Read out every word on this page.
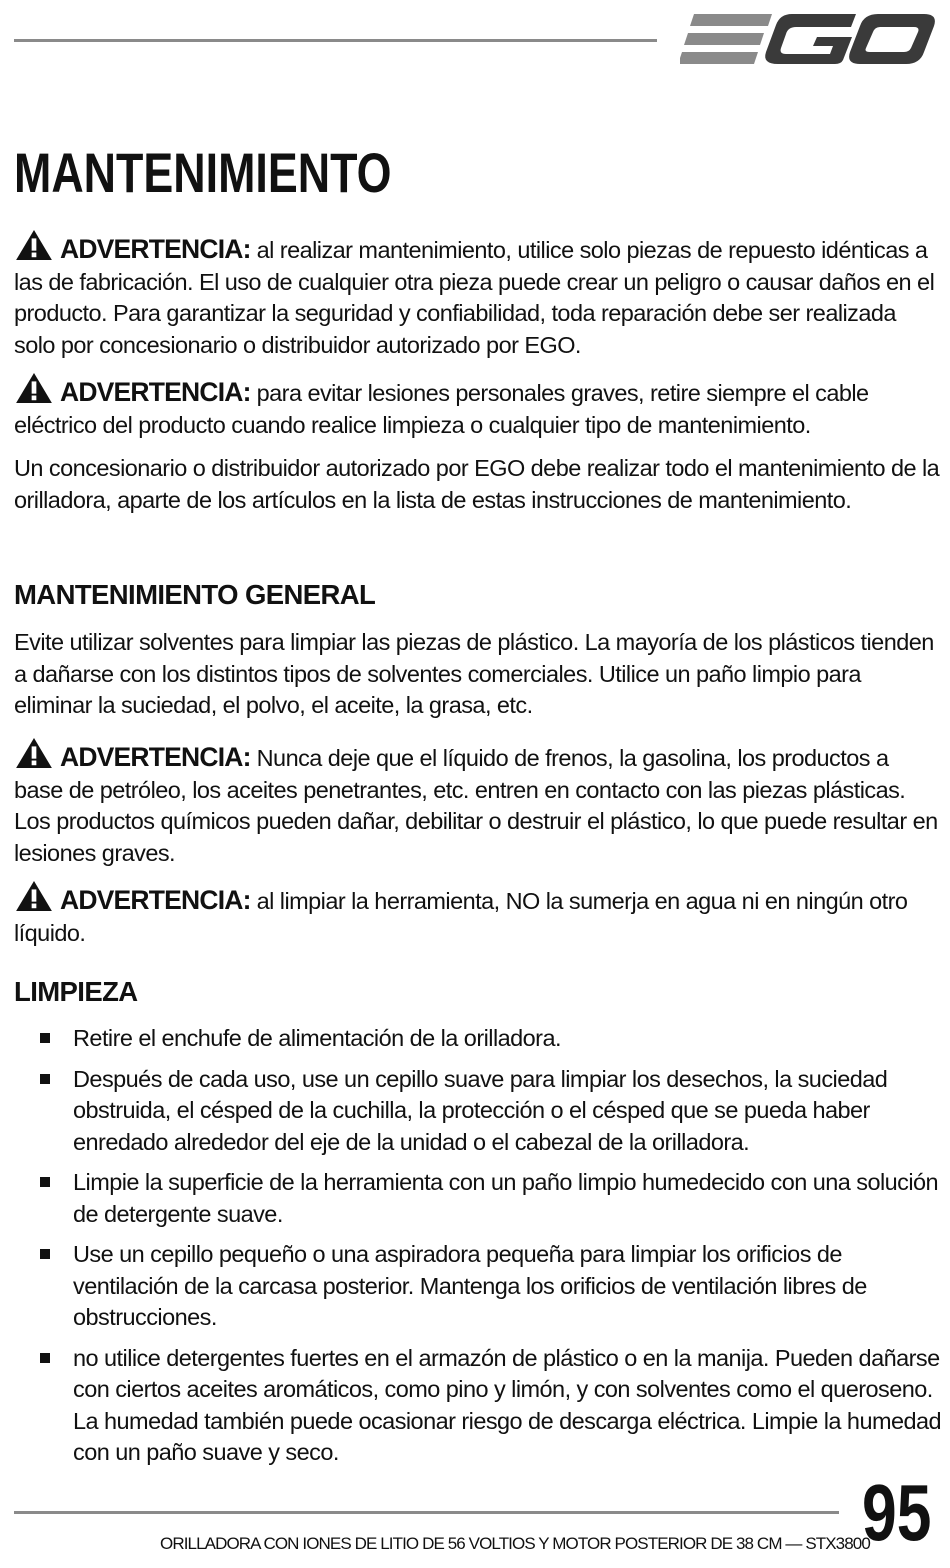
MANTENIMIENTO
ADVERTENCIA: al realizar mantenimiento, utilice solo piezas de repuesto idénticas a las de fabricación. El uso de cualquier otra pieza puede crear un peligro o causar daños en el producto. Para garantizar la seguridad y confiabilidad, toda reparación debe ser realizada solo por concesionario o distribuidor autorizado por EGO.
ADVERTENCIA: para evitar lesiones personales graves, retire siempre el cable eléctrico del producto cuando realice limpieza o cualquier tipo de mantenimiento.
Un concesionario o distribuidor autorizado por EGO debe realizar todo el mantenimiento de la orilladora, aparte de los artículos en la lista de estas instrucciones de mantenimiento.
MANTENIMIENTO GENERAL
Evite utilizar solventes para limpiar las piezas de plástico. La mayoría de los plásticos tienden a dañarse con los distintos tipos de solventes comerciales. Utilice un paño limpio para eliminar la suciedad, el polvo, el aceite, la grasa, etc.
ADVERTENCIA: Nunca deje que el líquido de frenos, la gasolina, los productos a base de petróleo, los aceites penetrantes, etc. entren en contacto con las piezas plásticas. Los productos químicos pueden dañar, debilitar o destruir el plástico, lo que puede resultar en lesiones graves.
ADVERTENCIA: al limpiar la herramienta, NO la sumerja en agua ni en ningún otro líquido.
LIMPIEZA
Retire el enchufe de alimentación de la orilladora.
Después de cada uso, use un cepillo suave para limpiar los desechos, la suciedad obstruida, el césped de la cuchilla, la protección o el césped que se pueda haber enredado alrededor del eje de la unidad o el cabezal de la orilladora.
Limpie la superficie de la herramienta con un paño limpio humedecido con una solución de detergente suave.
Use un cepillo pequeño o una aspiradora pequeña para limpiar los orificios de ventilación de la carcasa posterior. Mantenga los orificios de ventilación libres de obstrucciones.
no utilice detergentes fuertes en el armazón de plástico o en la manija. Pueden dañarse con ciertos aceites aromáticos, como pino y limón, y con solventes como el queroseno. La humedad también puede ocasionar riesgo de descarga eléctrica. Limpie la humedad con un paño suave y seco.
ORILLADORA CON IONES DE LITIO DE 56 VOLTIOS Y MOTOR POSTERIOR DE 38 CM — STX3800
95
